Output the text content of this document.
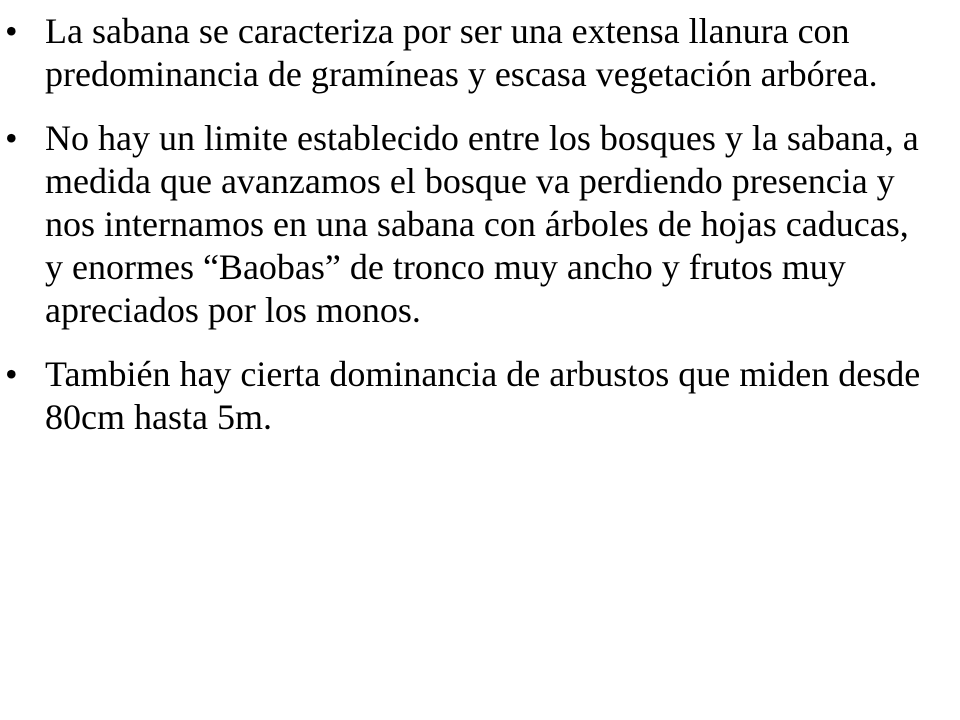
• La sabana se caracteriza por ser una extensa llanura con predominancia de gramíneas y escasa vegetación arbórea.
• No hay un limite establecido entre los bosques y la sabana, a medida que avanzamos el bosque va perdiendo presencia y nos internamos en una sabana con árboles de hojas caducas, y enormes “Baobas” de tronco muy ancho y frutos muy apreciados por los monos.
• También hay cierta dominancia de arbustos que miden desde 80cm hasta 5m.
